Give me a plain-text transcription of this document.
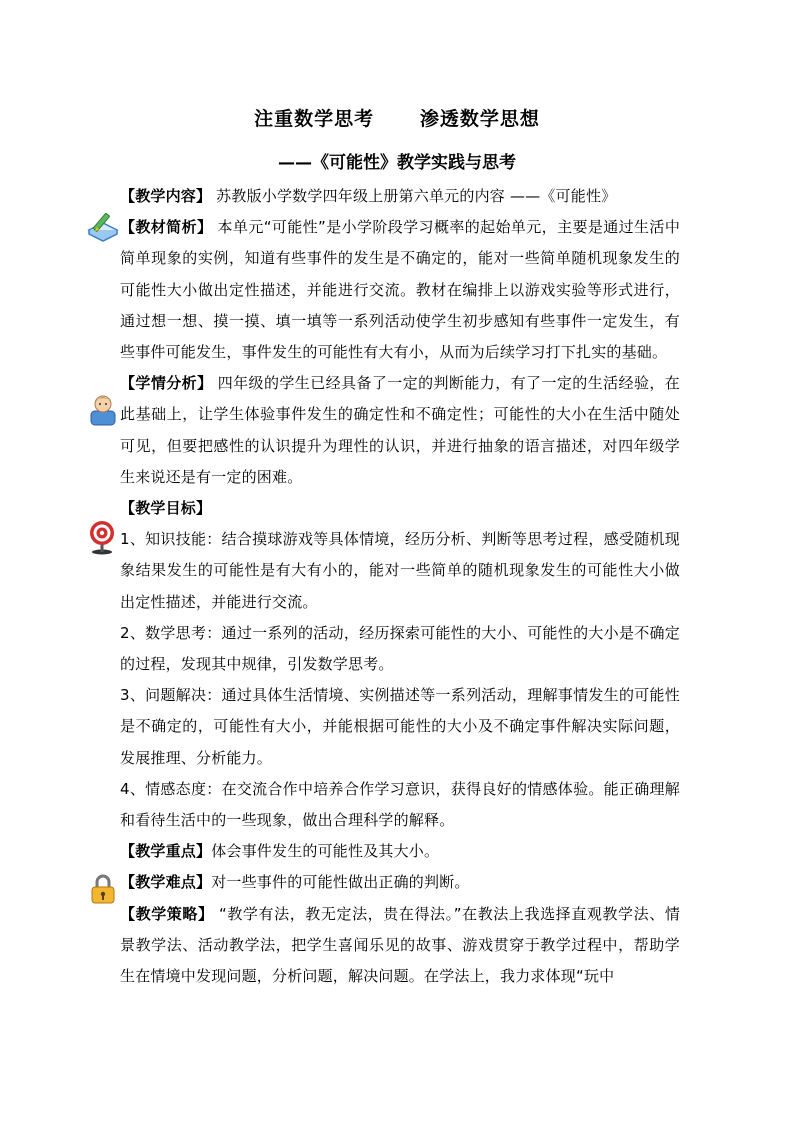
注重数学思考      渗透数学思想
——《可能性》教学实践与思考

【教学内容】 苏教版小学数学四年级上册第六单元的内容 ——《可能性》

【教材简析】 本单元“可能性”是小学阶段学习概率的起始单元，主要是通过生活中简单现象的实例，知道有些事件的发生是不确定的，能对一些简单随机现象发生的可能性大小做出定性描述，并能进行交流。教材在编排上以游戏实验等形式进行，通过想一想、摸一摸、填一填等一系列活动使学生初步感知有些事件一定发生，有些事件可能发生，事件发生的可能性有大有小，从而为后续学习打下扎实的基础。

【学情分析】 四年级的学生已经具备了一定的判断能力，有了一定的生活经验，在此基础上，让学生体验事件发生的确定性和不确定性；可能性的大小在生活中随处可见，但要把感性的认识提升为理性的认识，并进行抽象的语言描述，对四年级学生来说还是有一定的困难。

【教学目标】

1、知识技能：结合摸球游戏等具体情境，经历分析、判断等思考过程，感受随机现象结果发生的可能性是有大有小的，能对一些简单的随机现象发生的可能性大小做出定性描述，并能进行交流。

2、数学思考：通过一系列的活动，经历探索可能性的大小、可能性的大小是不确定的过程，发现其中规律，引发数学思考。

3、问题解决：通过具体生活情境、实例描述等一系列活动，理解事情发生的可能性是不确定的，可能性有大小，并能根据可能性的大小及不确定事件解决实际问题，发展推理、分析能力。

4、情感态度：在交流合作中培养合作学习意识，获得良好的情感体验。能正确理解和看待生活中的一些现象，做出合理科学的解释。

【教学重点】体会事件发生的可能性及其大小。

【教学难点】对一些事件的可能性做出正确的判断。

【教学策略】 “教学有法，教无定法，贵在得法。”在教法上我选择直观教学法、情景教学法、活动教学法，把学生喜闻乐见的故事、游戏贯穿于教学过程中，帮助学生在情境中发现问题，分析问题，解决问题。在学法上，我力求体现“玩中
